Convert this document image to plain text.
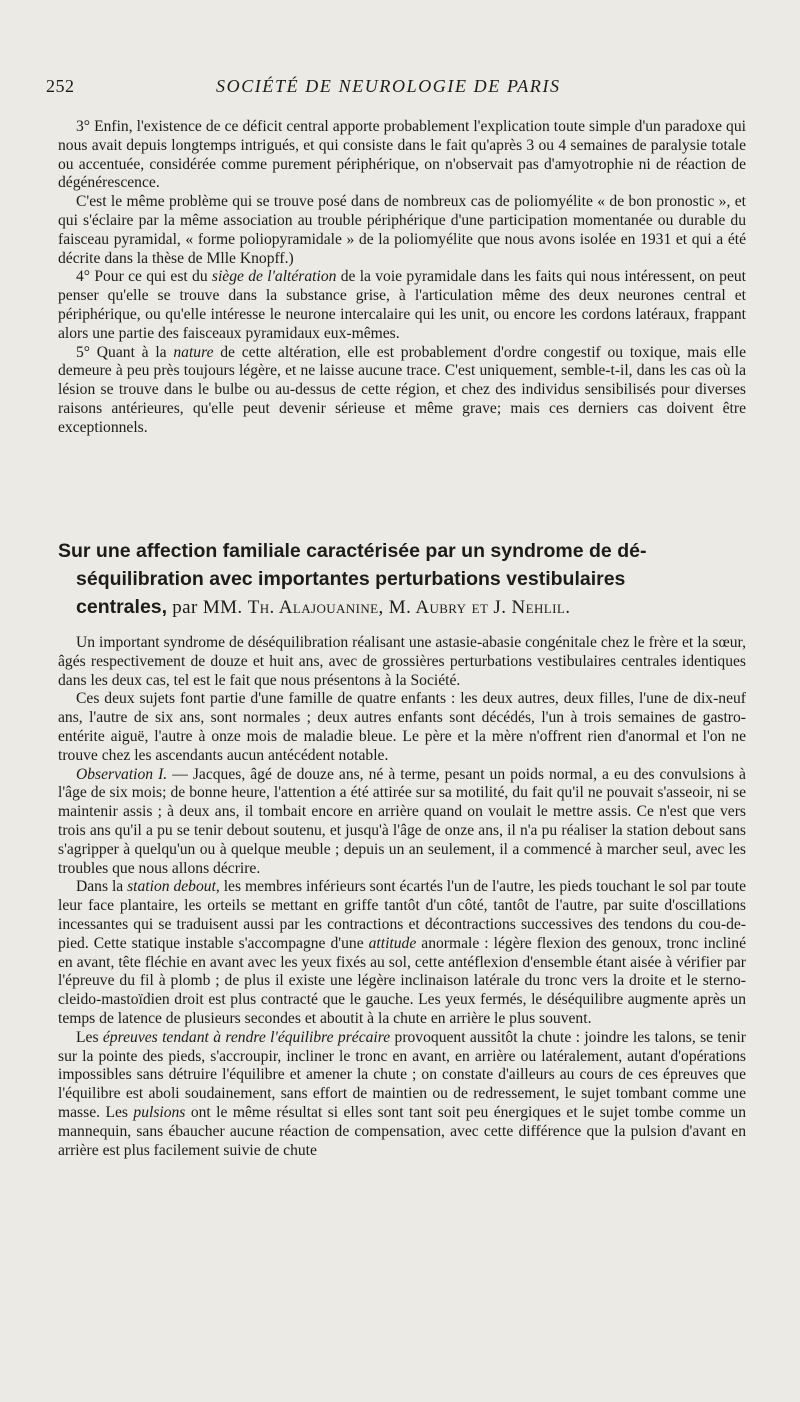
252	SOCIÉTÉ DE NEUROLOGIE DE PARIS

3° Enfin, l'existence de ce déficit central apporte probablement l'explication toute simple d'un paradoxe qui nous avait depuis longtemps intrigués, et qui consiste dans le fait qu'après 3 ou 4 semaines de paralysie totale ou accentuée, considérée comme purement périphérique, on n'observait pas d'amyotrophie ni de réaction de dégénérescence.

C'est le même problème qui se trouve posé dans de nombreux cas de poliomyélite « de bon pronostic », et qui s'éclaire par la même association au trouble périphérique d'une participation momentanée ou durable du faisceau pyramidal, « forme poliopyramidale » de la poliomyélite que nous avons isolée en 1931 et qui a été décrite dans la thèse de Mlle Knopff.)

4° Pour ce qui est du siège de l'altération de la voie pyramidale dans les faits qui nous intéressent, on peut penser qu'elle se trouve dans la substance grise, à l'articulation même des deux neurones central et périphérique, ou qu'elle intéresse le neurone intercalaire qui les unit, ou encore les cordons latéraux, frappant alors une partie des faisceaux pyramidaux eux-mêmes.

5° Quant à la nature de cette altération, elle est probablement d'ordre congestif ou toxique, mais elle demeure à peu près toujours légère, et ne laisse aucune trace. C'est uniquement, semble-t-il, dans les cas où la lésion se trouve dans le bulbe ou au-dessus de cette région, et chez des individus sensibilisés pour diverses raisons antérieures, qu'elle peut devenir sérieuse et même grave; mais ces derniers cas doivent être exceptionnels.

Sur une affection familiale caractérisée par un syndrome de dé-
séquilibration avec importantes perturbations vestibulaires
centrales, par MM. Th. Alajouanine, M. Aubry et J. Nehlil.

Un important syndrome de déséquilibration réalisant une astasie-abasie congénitale chez le frère et la sœur, âgés respectivement de douze et huit ans, avec de grossières perturbations vestibulaires centrales identiques dans les deux cas, tel est le fait que nous présentons à la Société.

Ces deux sujets font partie d'une famille de quatre enfants : les deux autres, deux filles, l'une de dix-neuf ans, l'autre de six ans, sont normales ; deux autres enfants sont décédés, l'un à trois semaines de gastro-entérite aiguë, l'autre à onze mois de maladie bleue. Le père et la mère n'offrent rien d'anormal et l'on ne trouve chez les ascendants aucun antécédent notable.

Observation I. — Jacques, âgé de douze ans, né à terme, pesant un poids normal, a eu des convulsions à l'âge de six mois; de bonne heure, l'attention a été attirée sur sa motilité, du fait qu'il ne pouvait s'asseoir, ni se maintenir assis ; à deux ans, il tombait encore en arrière quand on voulait le mettre assis. Ce n'est que vers trois ans qu'il a pu se tenir debout soutenu, et jusqu'à l'âge de onze ans, il n'a pu réaliser la station debout sans s'agripper à quelqu'un ou à quelque meuble ; depuis un an seulement, il a commencé à marcher seul, avec les troubles que nous allons décrire.

Dans la station debout, les membres inférieurs sont écartés l'un de l'autre, les pieds touchant le sol par toute leur face plantaire, les orteils se mettant en griffe tantôt d'un côté, tantôt de l'autre, par suite d'oscillations incessantes qui se traduisent aussi par les contractions et décontractions successives des tendons du cou-de-pied. Cette statique instable s'accompagne d'une attitude anormale : légère flexion des genoux, tronc incliné en avant, tête fléchie en avant avec les yeux fixés au sol, cette antéflexion d'ensemble étant aisée à vérifier par l'épreuve du fil à plomb ; de plus il existe une légère inclinaison latérale du tronc vers la droite et le sterno-cleido-mastoïdien droit est plus contracté que le gauche. Les yeux fermés, le déséquilibre augmente après un temps de latence de plusieurs secondes et aboutit à la chute en arrière le plus souvent.

Les épreuves tendant à rendre l'équilibre précaire provoquent aussitôt la chute : joindre les talons, se tenir sur la pointe des pieds, s'accroupir, incliner le tronc en avant, en arrière ou latéralement, autant d'opérations impossibles sans détruire l'équilibre et amener la chute ; on constate d'ailleurs au cours de ces épreuves que l'équilibre est aboli soudainement, sans effort de maintien ou de redressement, le sujet tombant comme une masse. Les pulsions ont le même résultat si elles sont tant soit peu énergiques et le sujet tombe comme un mannequin, sans ébaucher aucune réaction de compensation, avec cette différence que la pulsion d'avant en arrière est plus facilement suivie de chute
